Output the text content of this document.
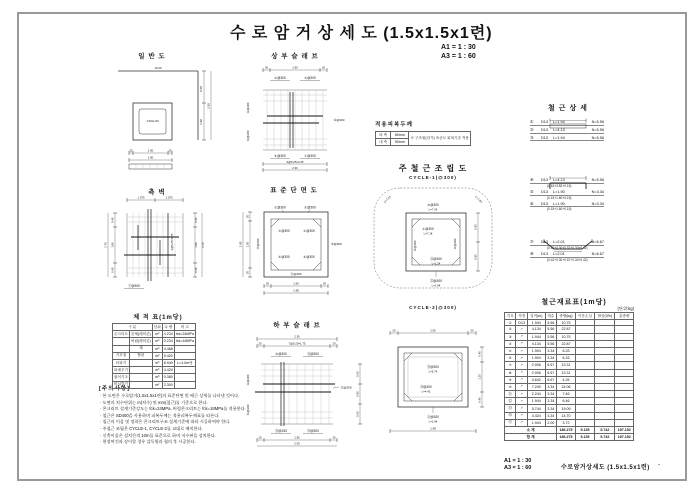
수 로 암 거 상 세 도 (1.5x1.5x1련)
A1 = 1 : 30
A3 = 1 : 60
일 반 도	상 부 슬 래 브
측 벽	표 준 단 면 도
적용피복두께
주 철 근 조 립 도
CYCLE-1(@300)
CYCLE-2(@300)
철 근 상 세
철근재료표(1m당)
체 적 표(1m당)
[주의사항]
하 부 슬 래 브
10.00
1.50x1.50
0.60
1.90
2.50
20	1.50	20
1.90
20	1.90	20
②@300	③@300
④@300
⑤@300
⑤@300
⑥@300	⑦@300
9@0.25=2.25
2.30
1.075	1.075
0.45
1.80
0.45
2.70
0.45
1.80
0.45
2.70
3@0.25=0.75
Ⓢ@300
20
1.50
20
1.90
①@300	②@300
③@300	④@300
⑤@300	⑥@300
⑦@300	⑧@300
Ⓢ@300
20	1.50	20
1.90
외 측	80mm	※ 구조물(암거) 표준도 피복기준 적용
내 측	50mm	
L=7.24	L=7.24
⑩@300
L=7.24
①@300
L=7.18
②@300
③@300
⑪@300
L=2.24
⑫@300
L=1.94
0.95
0.95
20	1.50	20
⑬@300
L=5.74
⑭@300
L=4.42
⑮@300
L=1.94
0.45
1.20
0.45
1.90
2.30
20	7@0.25=1.75	20
⑩@300	⑪@300
④@300
⑤@300
⑫@300
0.60
0.90
0.60
⑬@150	⑭@300
20	1.90	20
2.30
①	D13	L=1.94	N=5.56
②	D13	L=4.13	N=5.56
③	D13	L=1.94	N=5.56
④	D13	L=4.13	N=5.56
(0.15+3.83+0.15)
⑤	D13	L=1.90	N=3.34
(0.15+1.60+0.15)
⑥	D13	L=1.90	N=3.34
(0.15+1.60+0.15)
⑦	D13	L=2.01	N=6.67
(0.42+0.30+0.57+0.30+0.42)
⑧	D13	L=2.01	N=6.67
(0.42+0.30+0.57+0.30+0.42)
(단위:kg)
기호	직경	길이(m)	개수	중량(kg)	이음손실	할증(3%)	총중량
①	D13	1.944	5.56	10.75			
②	〃	4.134	5.56	22.87			
③	〃	1.944	5.56	10.75			
④	〃	4.134	5.56	22.87			
⑤	〃	1.904	3.34	6.33			
⑥	〃	1.904	3.34	6.33			
⑦	〃	2.006	6.67	13.31			
⑧	〃	2.006	6.67	13.31			
⑨	〃	0.642	6.67	4.26			
⑩	〃	7.240	3.34	24.06			
⑪	〃	2.244	3.34	7.46			
⑫	〃	1.944	3.34	6.46			
⑬	〃	5.744	3.34	19.09			
⑭	〃	4.424	3.34	14.70			
⑮	〃	1.944	2.00	3.72			
소 계				186.275	5.135	5.742	197.152
합 계				186.275	5.135	5.742	197.152
구 분		단위	수 량	비 고
콘크리트	본체(레미콘)	m³	4.234	fck=24MPa
	버림(레미콘)	m³	0.234	fck=18MPa
	계	m³	4.468	
거푸집	합판	m²	9.420	
터파기		m³	8.940	L=1.0m당
되메우기		m³	4.420	
잡석기초		m³	0.380	
비닐깔기		m²	2.300	
· 본 도면은 수로암거(1.5x1.5x1련)의 표준단면 및 배근 상세를 나타낸 것이다.
· 도면의 치수단위는 m(치수) 및 mm(철근)를 기준으로 한다.
· 콘크리트 설계기준강도는 fck=24MPa, 버림콘크리트는 fck=18MPa를 적용한다.
· 철근은 SD400을 사용하며 피복두께는 적용피복두께표를 따른다.
· 철근의 이음 및 정착은 콘크리트구조 설계기준에 따라 시공하여야 한다.
· 주철근 조립은 CYCLE-1, CYCLE-2를 교대로 배치한다.
· 신축이음은 설치간격 10m를 표준으로 하며 지수판을 설치한다.
· 현장여건과 상이할 경우 감독원과 협의 후 시공한다.
A1 = 1 : 30
A3 = 1 : 60	수로암거상세도 (1.5x1.5x1련) -
